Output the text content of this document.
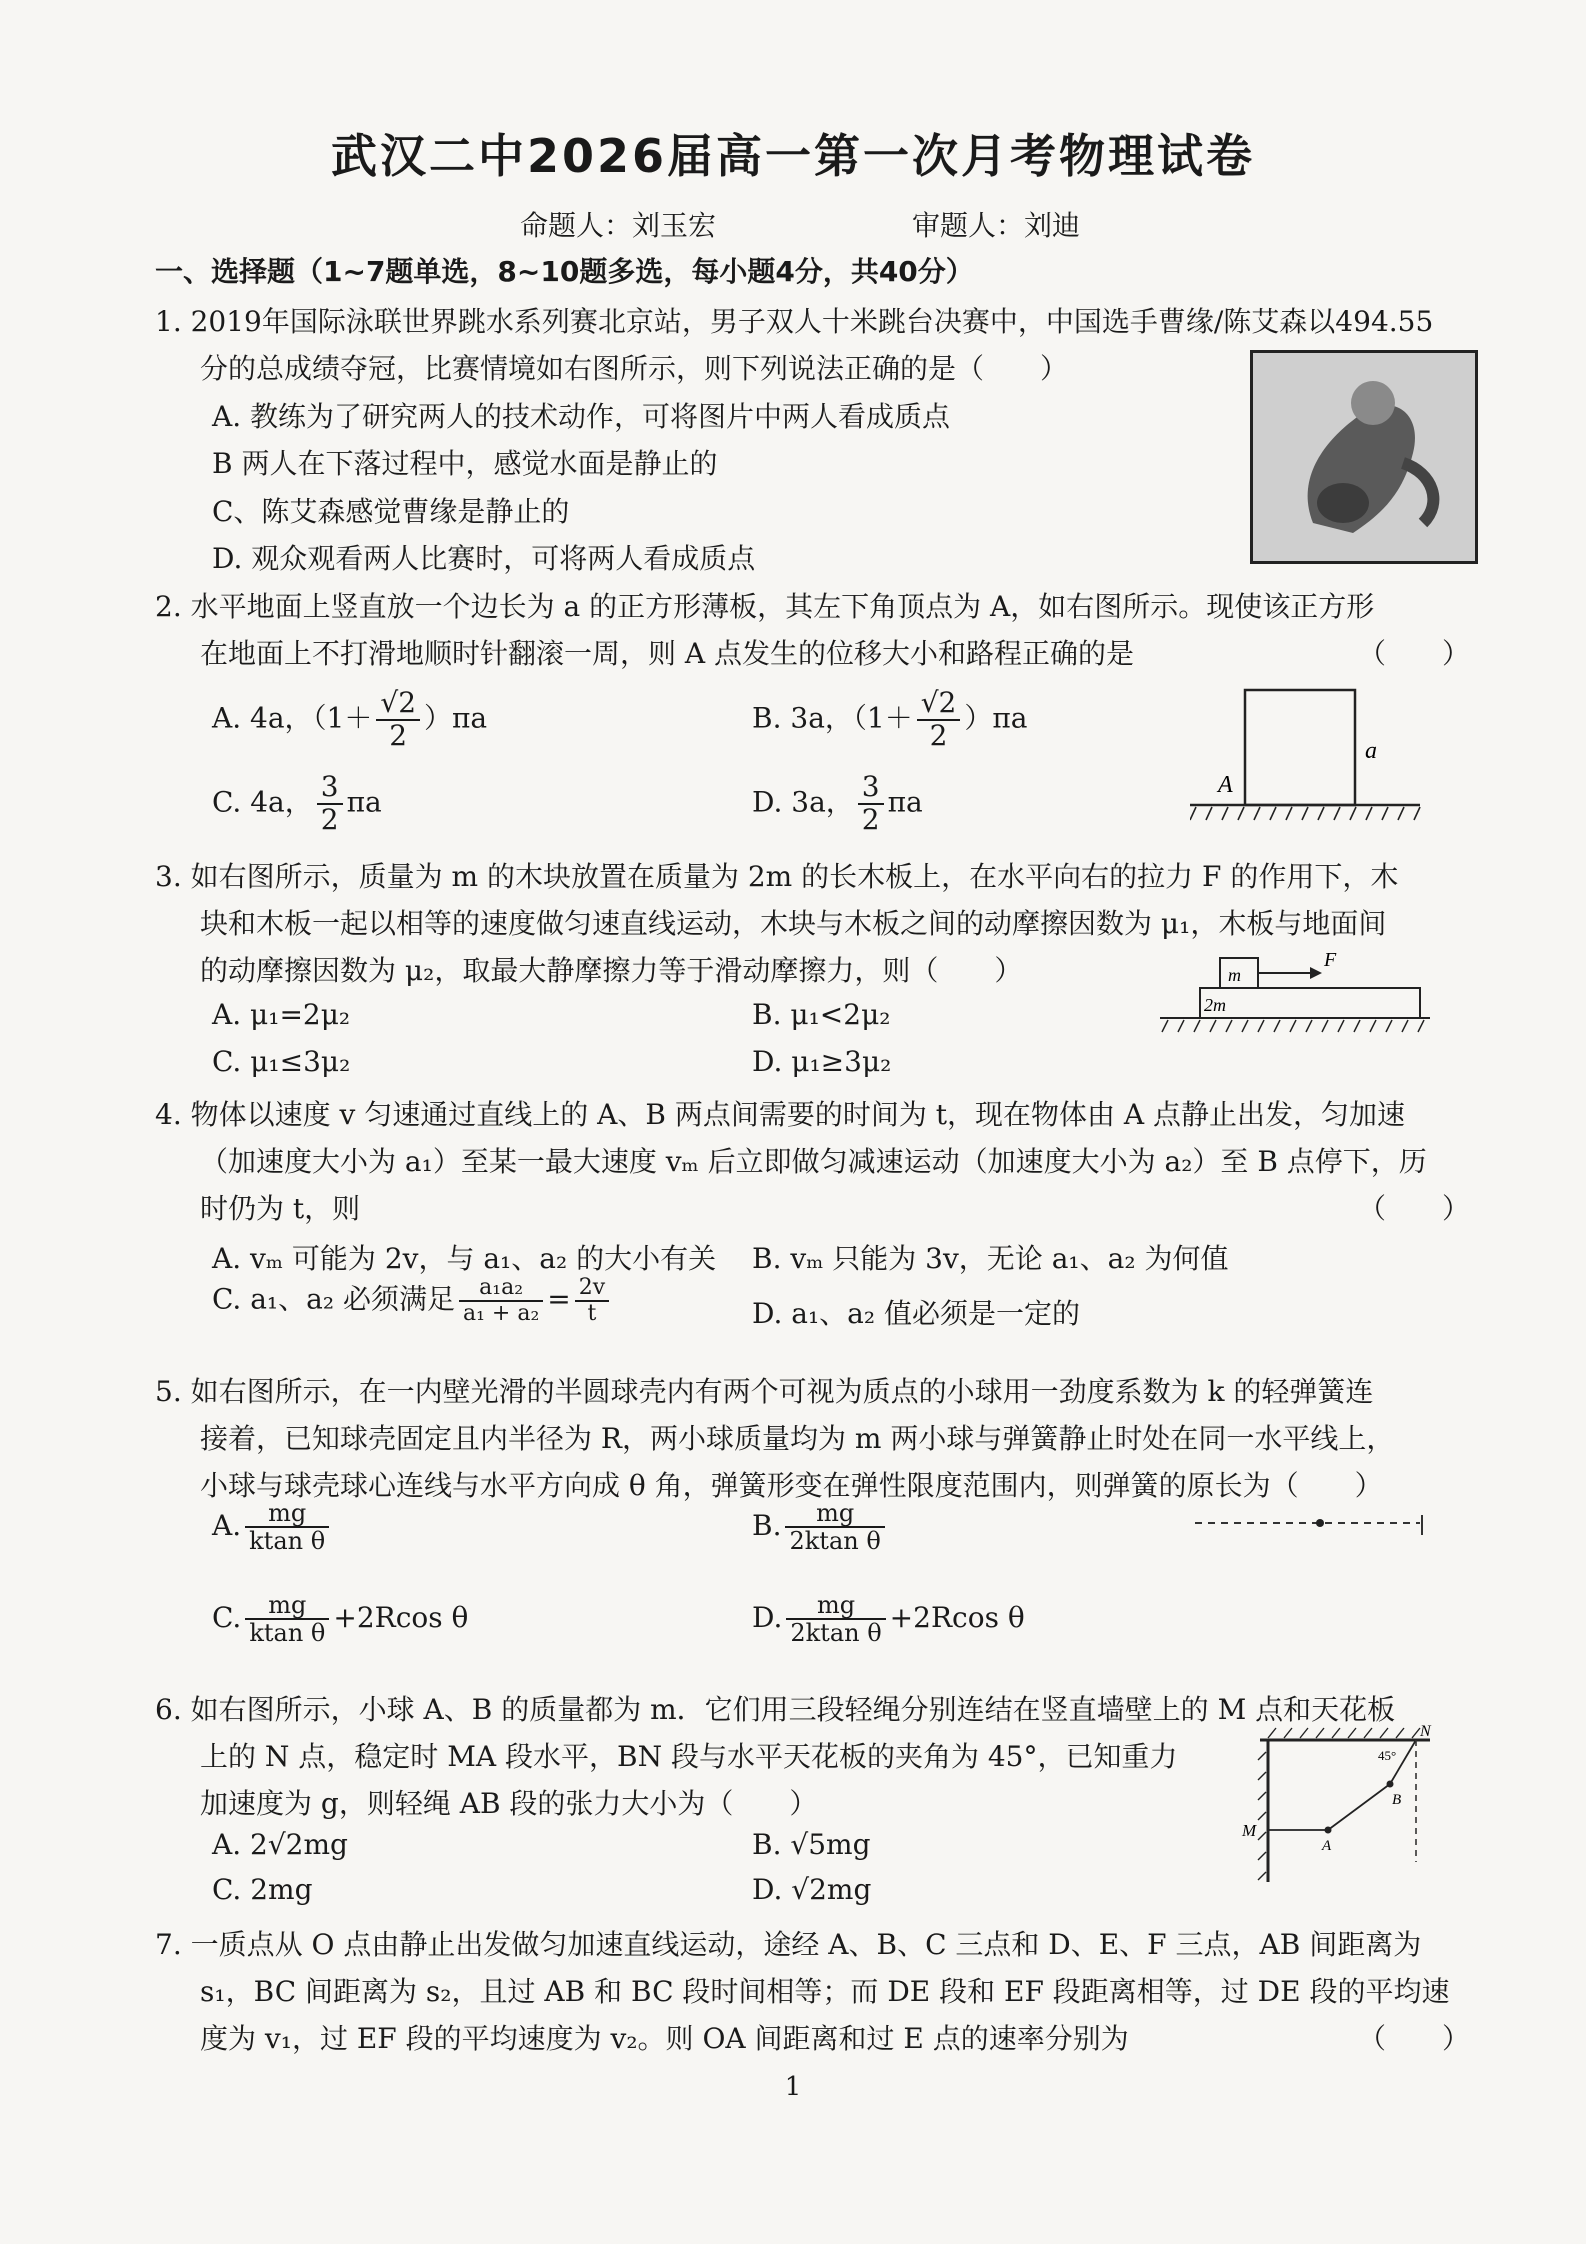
武汉二中2026届高一第一次月考物理试卷
命题人：刘玉宏	审题人：刘迪
一、选择题（1~7题单选，8~10题多选，每小题4分，共40分）
1. 2019年国际泳联世界跳水系列赛北京站，男子双人十米跳台决赛中，中国选手曹缘/陈艾森以494.55
分的总成绩夺冠，比赛情境如右图所示，则下列说法正确的是（　　）
A. 教练为了研究两人的技术动作，可将图片中两人看成质点
B 两人在下落过程中，感觉水面是静止的
C、陈艾森感觉曹缘是静止的
D. 观众观看两人比赛时，可将两人看成质点
2. 水平地面上竖直放一个边长为 a 的正方形薄板，其左下角顶点为 A，如右图所示。现使该正方形
在地面上不打滑地顺时针翻滚一周，则 A 点发生的位移大小和路程正确的是	（　　）
A. 4a，$(1+ \frac{√2}{2} )\pi a$	B. 3a，$(1+ \frac{√2}{2} )\pi a$
C. 4a， $\frac{3}{2}$ πa	D. 3a， $\frac{3}{2}$ πa
A
a
3. 如右图所示，质量为 m 的木块放置在质量为 2m 的长木板上，在水平向右的拉力 F 的作用下，木
块和木板一起以相等的速度做匀速直线运动，木块与木板之间的动摩擦因数为 μ₁，木板与地面间
的动摩擦因数为 μ₂，取最大静摩擦力等于滑动摩擦力，则（　　）
A. μ₁=2μ₂	B. μ₁<2μ₂
C. μ₁≤3μ₂	D. μ₁≥3μ₂
m
2m
F
4. 物体以速度 v 匀速通过直线上的 A、B 两点间需要的时间为 t，现在物体由 A 点静止出发，匀加速
（加速度大小为 a₁）至某一最大速度 vₘ 后立即做匀减速运动（加速度大小为 a₂）至 B 点停下，历
时仍为 t，则	（　　）
A. vₘ 可能为 2v，与 a₁、a₂ 的大小有关 B. vₘ 只能为 3v，无论 a₁、a₂ 为何值
C. a₁、a₂ 必须满足 $\frac{\text{a₁a₂}}{\text{a₁ + a₂}} = \frac{2v}{t}$	D. a₁、a₂ 值必须是一定的
5. 如右图所示，在一内壁光滑的半圆球壳内有两个可视为质点的小球用一劲度系数为 k 的轻弹簧连
接着，已知球壳固定且内半径为 R，两小球质量均为 m 两小球与弹簧静止时处在同一水平线上，
小球与球壳球心连线与水平方向成 θ 角，弹簧形变在弹性限度范围内，则弹簧的原长为（　　）
A. $\frac{mg}{\text{ktan θ}}$	B. $\frac{mg}{\text{2ktan θ}}$
C. $\frac{mg}{\text{ktan θ}} +2Rcos$ θ	D. $\frac{mg}{\text{2ktan θ}} +2Rcos$ θ
6. 如右图所示，小球 A、B 的质量都为 m．它们用三段轻绳分别连结在竖直墙壁上的 M 点和天花板
上的 N 点，稳定时 MA 段水平，BN 段与水平天花板的夹角为 45°，已知重力
加速度为 g，则轻绳 AB 段的张力大小为（　　）
A. 2√2mg	B. √5mg
C. 2mg	D. √2mg
M
N
A
B
45°
7. 一质点从 O 点由静止出发做匀加速直线运动，途经 A、B、C 三点和 D、E、F 三点，AB 间距离为
s₁，BC 间距离为 s₂，且过 AB 和 BC 段时间相等；而 DE 段和 EF 段距离相等，过 DE 段的平均速
度为 v₁，过 EF 段的平均速度为 v₂。则 OA 间距离和过 E 点的速率分别为	（　　）
1
